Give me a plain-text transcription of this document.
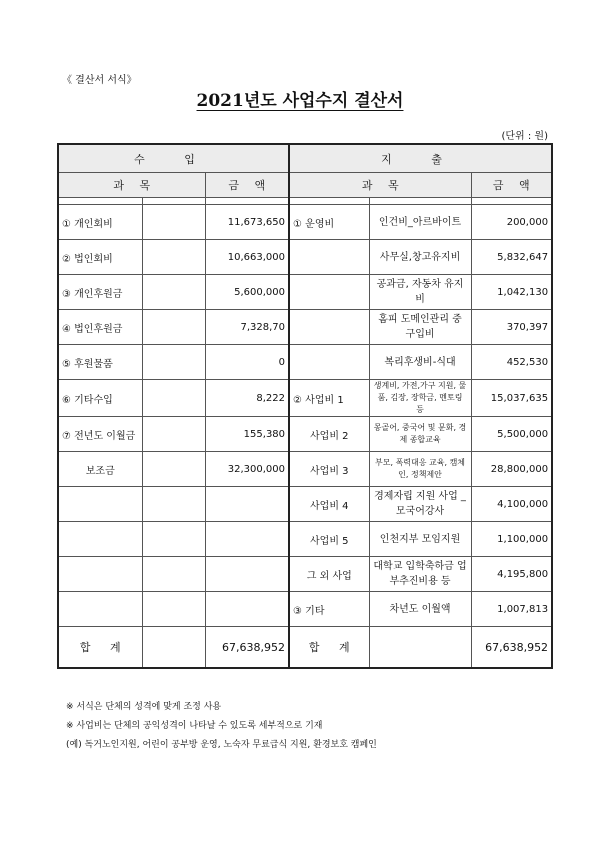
《 결산서 서식》
2021년도 사업수지 결산서
(단위 : 원)
수 입			지 출		
과 목		금 액	과 목		금 액

① 개인회비		11,673,650	① 운영비	인건비_아르바이트	200,000
② 법인회비		10,663,000		사무실,창고유지비	5,832,647
③ 개인후원금		5,600,000		공과금, 자동차 유지비	1,042,130
④ 법인후원금		7,328,70		홈피 도메인관리 중 구입비	370,397
⑤ 후원물품		0		복리후생비-식대	452,530
⑥ 기타수입		8,222	② 사업비 1	생계비, 가전,가구 지원, 물품, 김장, 장학금, 멘토링 등	15,037,635
⑦ 전년도 이월금		155,380	사업비 2	몽골어, 중국어 및 문화, 경제 종합교육	5,500,000
보조금		32,300,000	사업비 3	부모, 폭력대응 교육, 캠체인, 정책제안	28,800,000
			사업비 4	경제자립 지원 사업 _ 모국어강사	4,100,000
			사업비 5	인천지부 모임지원	1,100,000
			그 외 사업	대학교 입학축하금 업부추진비용 등	4,195,800
			③ 기타	차년도 이월액	1,007,813
합 계		67,638,952	합 계		67,638,952
※ 서식은 단체의 성격에 맞게 조정 사용
※ 사업비는 단체의 공익성격이 나타날 수 있도록 세부적으로 기재
(예) 독거노인지원, 어린이 공부방 운영, 노숙자 무료급식 지원, 환경보호 캠페인
